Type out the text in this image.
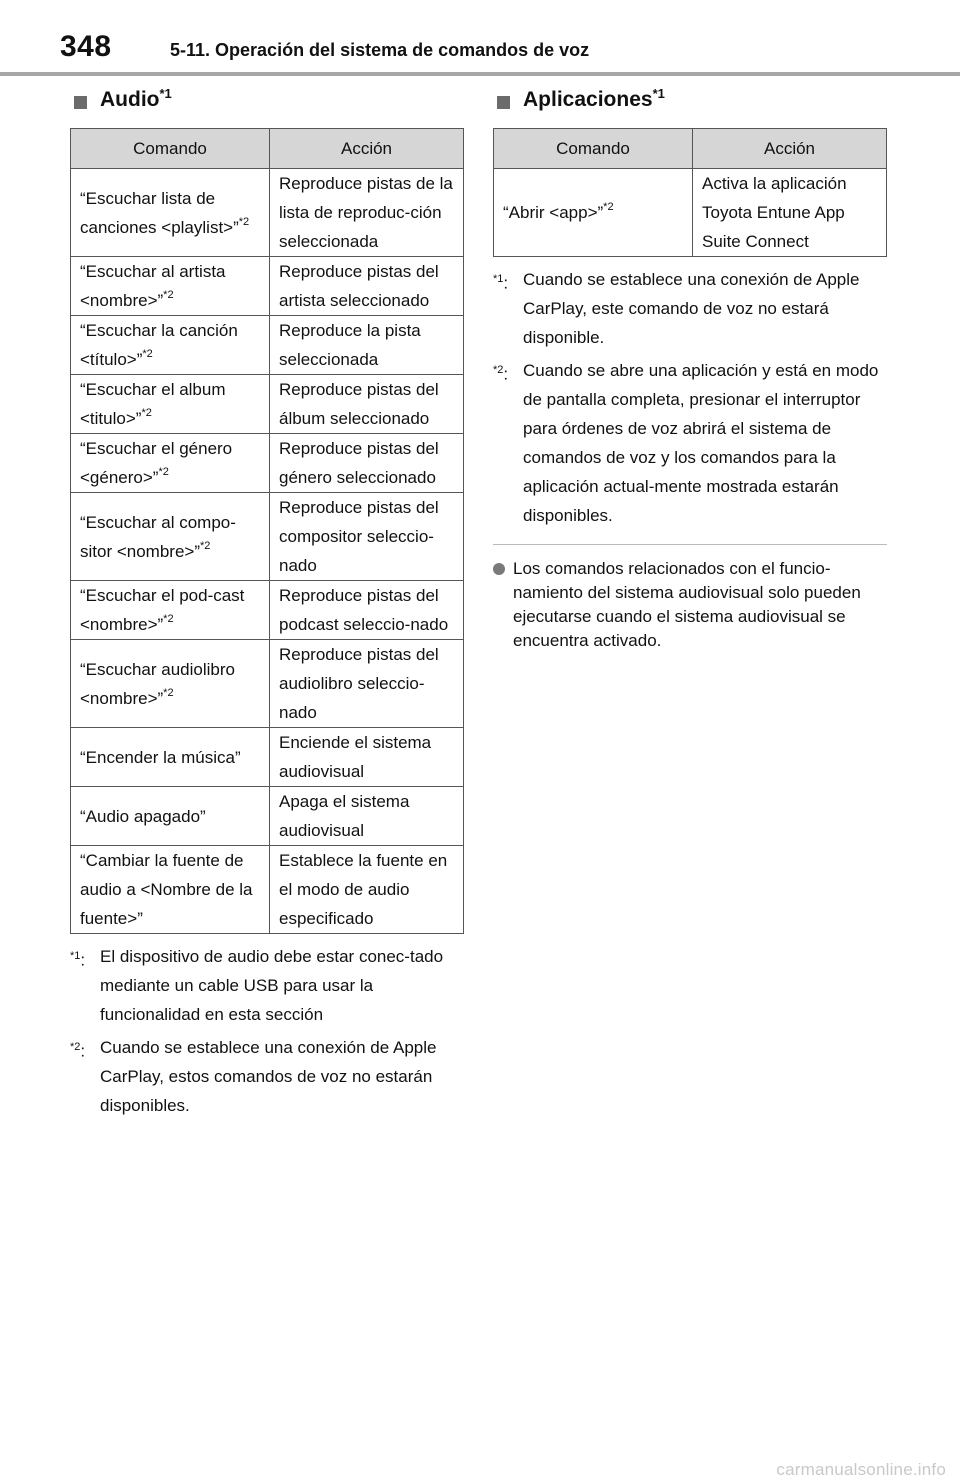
348	5-11. Operación del sistema de comandos de voz
Audio$^{*1}$
Comando	Acción
“Escuchar lista de canciones <playlist>”$^{*2}$	Reproduce pistas de la lista de reproduc-ción seleccionada
“Escuchar al artista <nombre>”$^{*2}$	Reproduce pistas del artista seleccionado
“Escuchar la canción <título>”$^{*2}$	Reproduce la pista seleccionada
“Escuchar el album <titulo>”$^{*2}$	Reproduce pistas del álbum seleccionado
“Escuchar el género <género>”$^{*2}$	Reproduce pistas del género seleccionado
“Escuchar al compo-sitor <nombre>”$^{*2}$	Reproduce pistas del compositor seleccio-nado
“Escuchar el pod-cast <nombre>”$^{*2}$	Reproduce pistas del podcast seleccio-nado
“Escuchar audiolibro <nombre>”$^{*2}$	Reproduce pistas del audiolibro seleccio-nado
“Encender la música”	Enciende el sistema audiovisual
“Audio apagado”	Apaga el sistema audiovisual
“Cambiar la fuente de audio a <Nombre de la fuente>”	Establece la fuente en el modo de audio especificado
$^{*1}$: El dispositivo de audio debe estar conec-tado mediante un cable USB para usar la funcionalidad en esta sección
$^{*2}$: Cuando se establece una conexión de Apple CarPlay, estos comandos de voz no estarán disponibles.
Aplicaciones$^{*1}$
Comando	Acción
“Abrir <app>”$^{*2}$	Activa la aplicación Toyota Entune App Suite Connect
$^{*1}$: Cuando se establece una conexión de Apple CarPlay, este comando de voz no estará disponible.
$^{*2}$: Cuando se abre una aplicación y está en modo de pantalla completa, presionar el interruptor para órdenes de voz abrirá el sistema de comandos de voz y los comandos para la aplicación actual-mente mostrada estarán disponibles.
Los comandos relacionados con el funcio-namiento del sistema audiovisual solo pueden ejecutarse cuando el sistema audiovisual se encuentra activado.
carmanualsonline.info
